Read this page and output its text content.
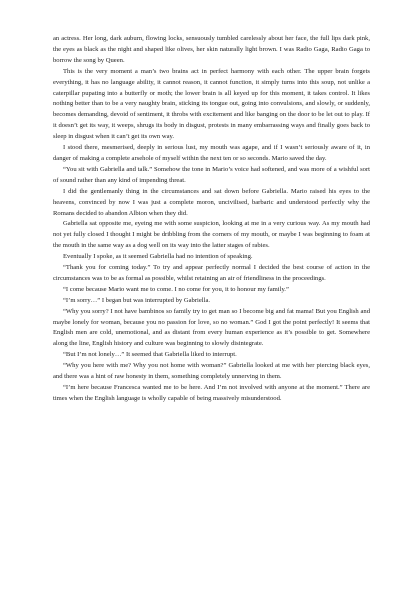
an actress. Her long, dark auburn, flowing locks, sensuously tumbled carelessly about her face, the full lips dark pink, the eyes as black as the night and shaped like olives, her skin naturally light brown. I was Radio Gaga, Radio Gaga to borrow the song by Queen.

This is the very moment a man’s two brains act in perfect harmony with each other. The upper brain forgets everything, it has no language ability, it cannot reason, it cannot function, it simply turns into this soup, not unlike a caterpillar pupating into a butterfly or moth; the lower brain is all keyed up for this moment, it takes control. It likes nothing better than to be a very naughty brain, sticking its tongue out, going into convulsions, and slowly, or suddenly, becomes demanding, devoid of sentiment, it throbs with excitement and like banging on the door to be let out to play. If it doesn’t get its way, it weeps, shrugs its body in disgust, protests in many embarrassing ways and finally goes back to sleep in disgust when it can’t get its own way.

I stood there, mesmerised, deeply in serious lust, my mouth was agape, and if I wasn’t seriously aware of it, in danger of making a complete arsehole of myself within the next ten or so seconds. Mario saved the day.

“You sit with Gabriella and talk.” Somehow the tone in Mario’s voice had softened, and was more of a wishful sort of sound rather than any kind of impending threat.

I did the gentlemanly thing in the circumstances and sat down before Gabriella. Mario raised his eyes to the heavens, convinced by now I was just a complete moron, uncivilised, barbaric and understood perfectly why the Romans decided to abandon Albion when they did.

Gabriella sat opposite me, eyeing me with some suspicion, looking at me in a very curious way. As my mouth had not yet fully closed I thought I might be dribbling from the corners of my mouth, or maybe I was beginning to foam at the mouth in the same way as a dog well on its way into the latter stages of rabies.

Eventually I spoke, as it seemed Gabriella had no intention of speaking.

“Thank you for coming today.” To try and appear perfectly normal I decided the best course of action in the circumstances was to be as formal as possible, whilst retaining an air of friendliness in the proceedings.

“I come because Mario want me to come. I no come for you, it to honour my family.”

“I’m sorry…” I began but was interrupted by Gabriella.

“Why you sorry? I not have bambinos so family try to get man so I become big and fat mama! But you English and maybe lonely for woman, because you no passion for love, so no woman.” God I got the point perfectly! It seems that English men are cold, unemotional, and as distant from every human experience as it’s possible to get. Somewhere along the line, English history and culture was beginning to slowly disintegrate.

“But I’m not lonely…” It seemed that Gabriella liked to interrupt.

“Why you here with me? Why you not home with woman?” Gabriella looked at me with her piercing black eyes, and there was a hint of raw honesty in them, something completely unnerving in them.

“I’m here because Francesca wanted me to be here. And I’m not involved with anyone at the moment.” There are times when the English language is wholly capable of being massively misunderstood.
